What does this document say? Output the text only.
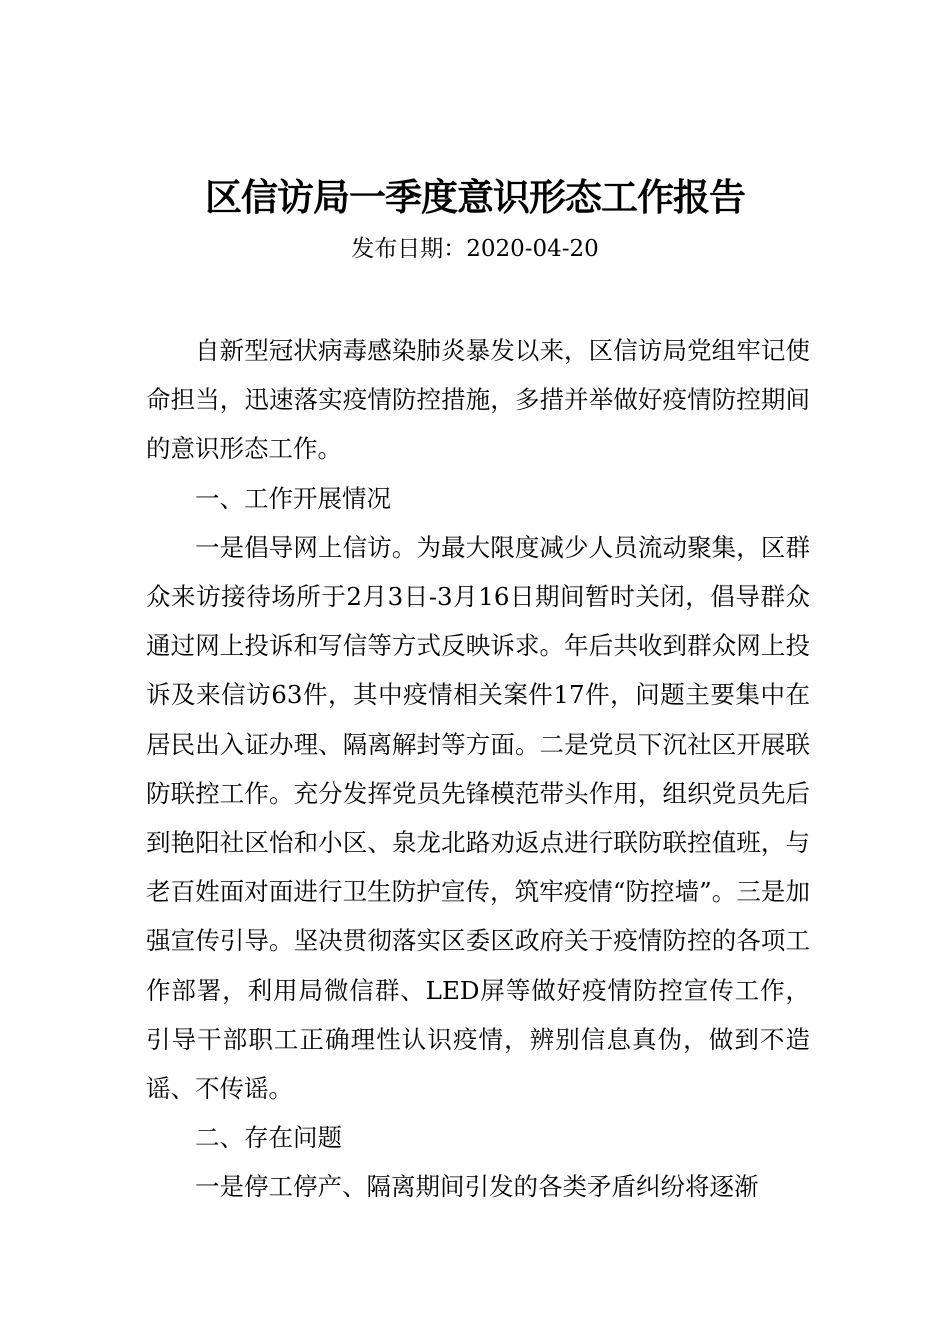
区信访局一季度意识形态工作报告
发布日期：2020-04-20

自新型冠状病毒感染肺炎暴发以来，区信访局党组牢记使命担当，迅速落实疫情防控措施，多措并举做好疫情防控期间的意识形态工作。

一、工作开展情况

一是倡导网上信访。为最大限度减少人员流动聚集，区群众来访接待场所于2月3日-3月16日期间暂时关闭，倡导群众通过网上投诉和写信等方式反映诉求。年后共收到群众网上投诉及来信访63件，其中疫情相关案件17件，问题主要集中在居民出入证办理、隔离解封等方面。二是党员下沉社区开展联防联控工作。充分发挥党员先锋模范带头作用，组织党员先后到艳阳社区怡和小区、泉龙北路劝返点进行联防联控值班，与老百姓面对面进行卫生防护宣传，筑牢疫情“防控墙”。三是加强宣传引导。坚决贯彻落实区委区政府关于疫情防控的各项工作部署，利用局微信群、LED屏等做好疫情防控宣传工作，引导干部职工正确理性认识疫情，辨别信息真伪，做到不造谣、不传谣。

二、存在问题

一是停工停产、隔离期间引发的各类矛盾纠纷将逐渐
